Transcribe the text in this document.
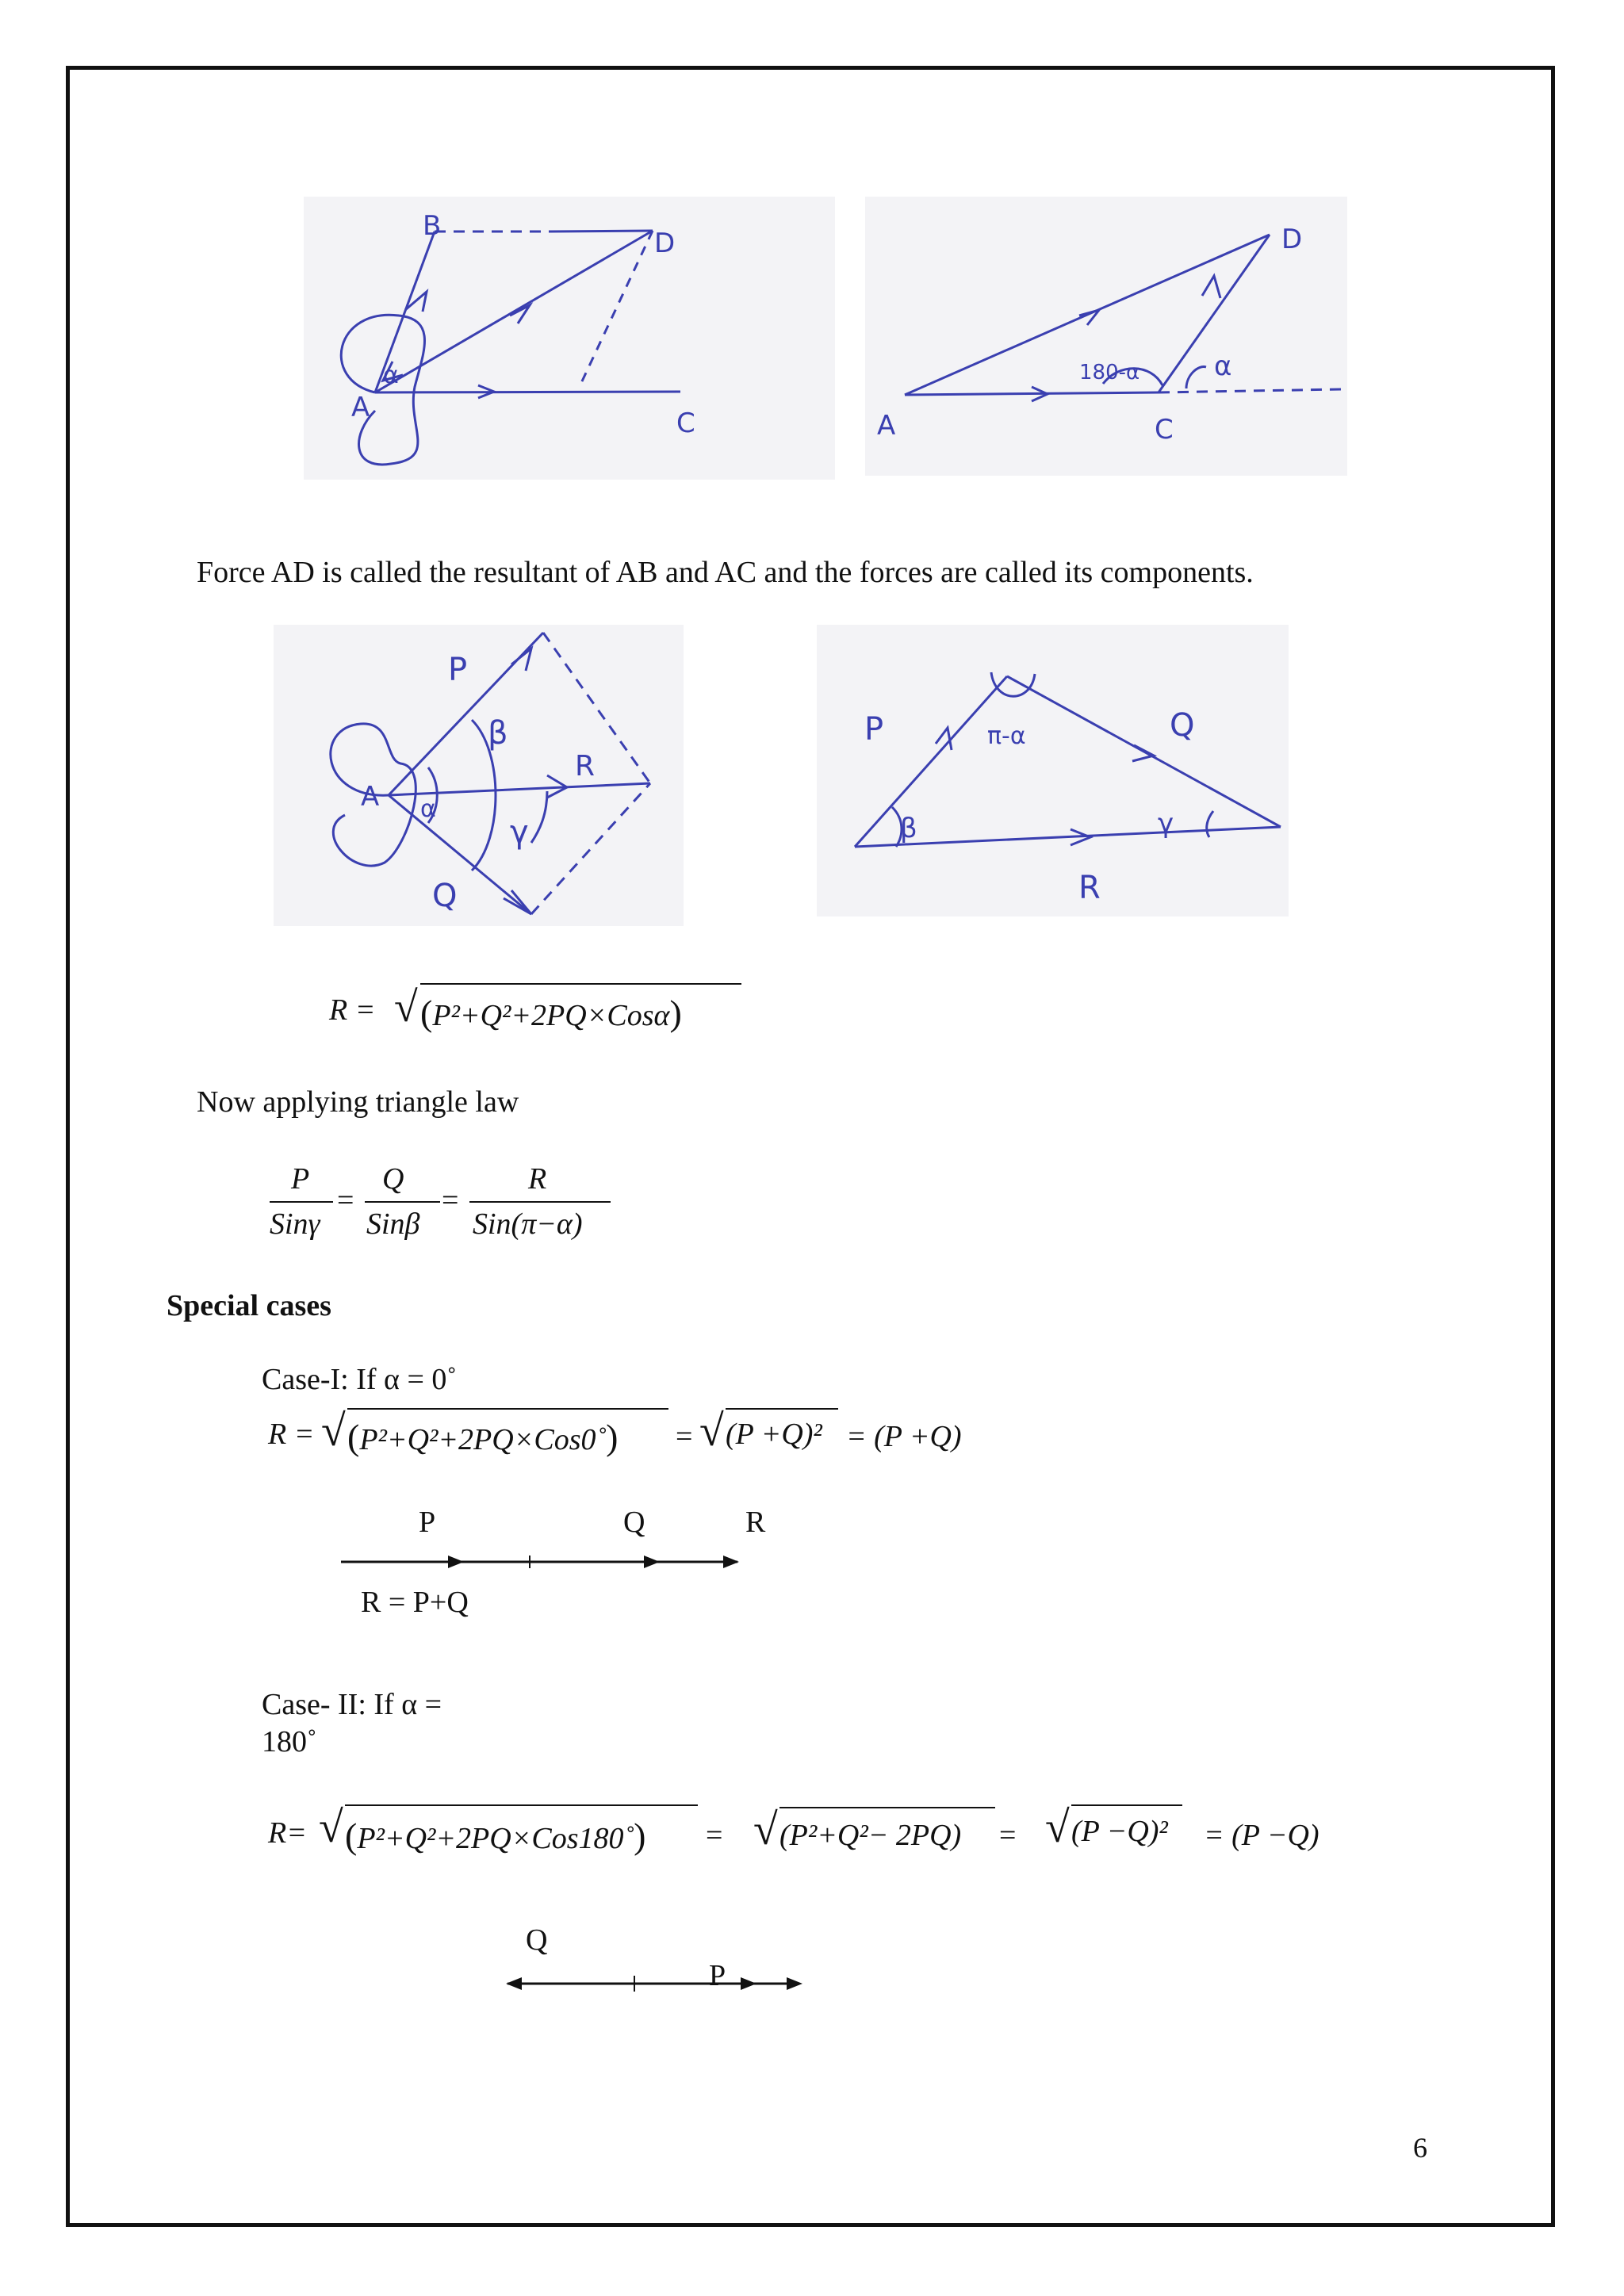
B
D
A	C
α
D
180-α	α
A	C
Force AD is called the resultant of AB and AC and the forces are called its components.
P
β
R
A α
γ
Q
P	π-α	Q
β	γ
R
R = √ (P²+Q²+2PQ×Cosα)
Now applying triangle law
P
Sinγ
=
Q
Sinβ
=
R
Sin(π−α)
Special cases
Case-I: If α = 0˚
R = √ (P²+Q²+2PQ×Cos0˚) = √ (P +Q)² = (P +Q)
P	Q	R
R = P+Q
Case- II: If α =
180˚
R= √ (P²+Q²+2PQ×Cos180˚) = √ (P²+Q²− 2PQ) = √ (P −Q)² = (P −Q)
Q
P
6
